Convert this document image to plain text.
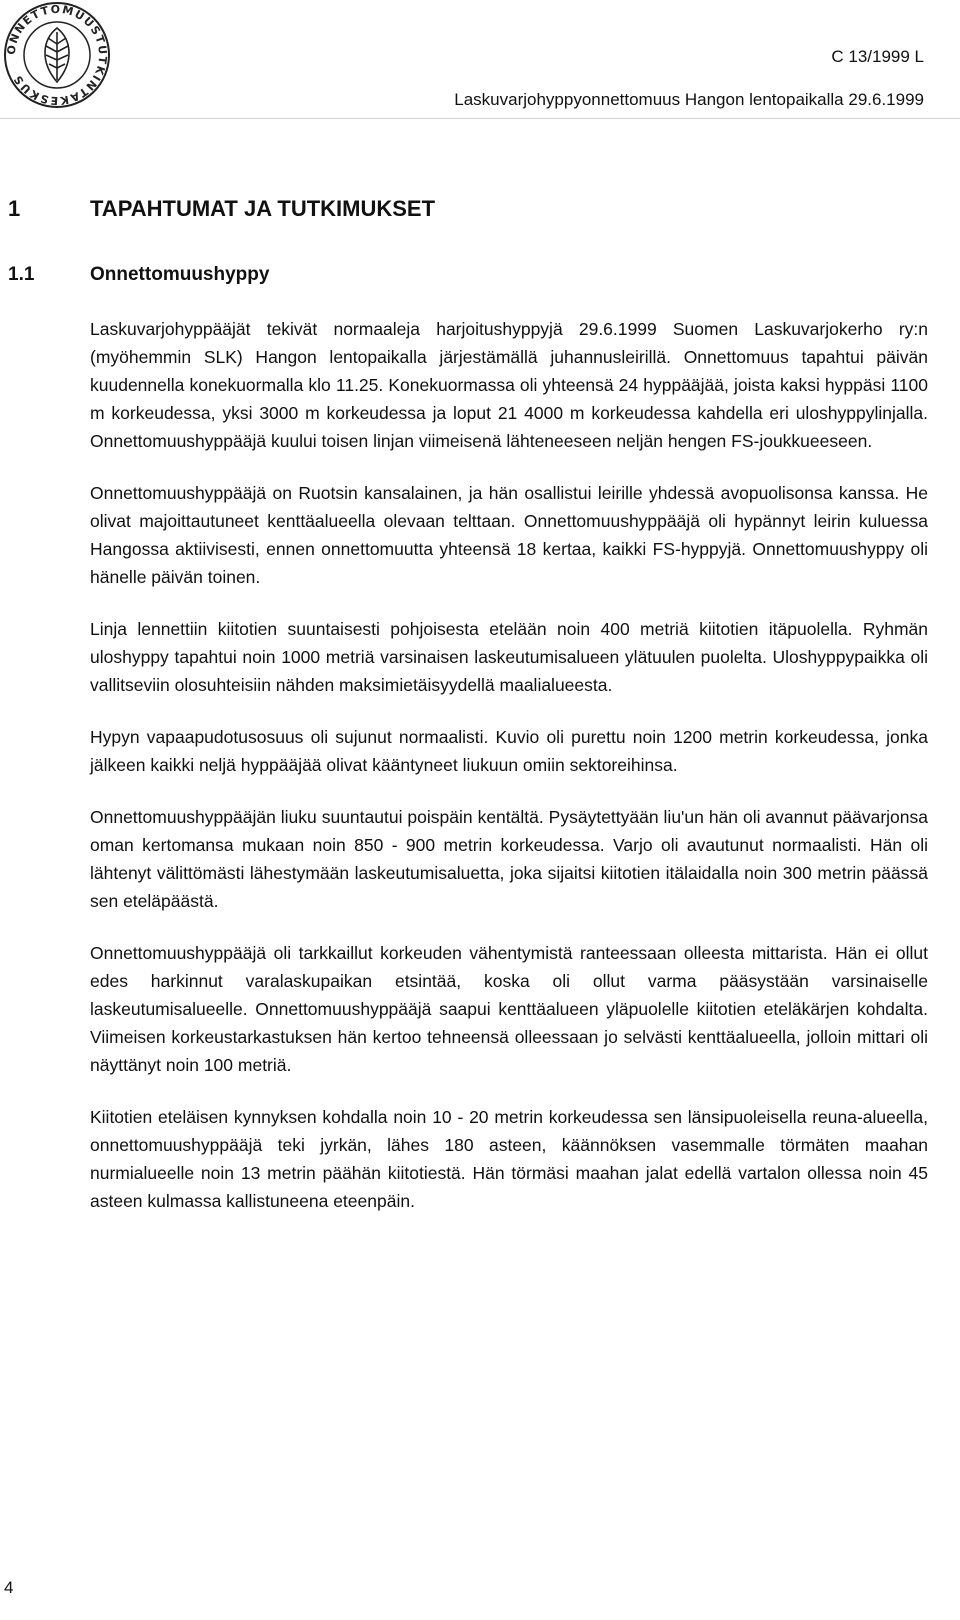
ONNETTOMUUSTUTKINTAKESKUS
C 13/1999 L
Laskuvarjohyppyonnettomuus Hangon lentopaikalla 29.6.1999
1	TAPAHTUMAT JA TUTKIMUKSET
1.1	Onnettomuushyppy

Laskuvarjohyppääjät tekivät normaaleja harjoitushyppyjä 29.6.1999 Suomen Laskuvarjokerho ry:n (myöhemmin SLK) Hangon lentopaikalla järjestämällä juhannusleirillä. Onnettomuus tapahtui päivän kuudennella konekuormalla klo 11.25. Konekuormassa oli yhteensä 24 hyppääjää, joista kaksi hyppäsi 1100 m korkeudessa, yksi 3000 m korkeudessa ja loput 21 4000 m korkeudessa kahdella eri uloshyppylinjalla. Onnettomuushyppääjä kuului toisen linjan viimeisenä lähteneeseen neljän hengen FS-joukkueeseen.

Onnettomuushyppääjä on Ruotsin kansalainen, ja hän osallistui leirille yhdessä avopuolisonsa kanssa. He olivat majoittautuneet kenttäalueella olevaan telttaan. Onnettomuushyppääjä oli hypännyt leirin kuluessa Hangossa aktiivisesti, ennen onnettomuutta yhteensä 18 kertaa, kaikki FS-hyppyjä. Onnettomuushyppy oli hänelle päivän toinen.

Linja lennettiin kiitotien suuntaisesti pohjoisesta etelään noin 400 metriä kiitotien itäpuolella. Ryhmän uloshyppy tapahtui noin 1000 metriä varsinaisen laskeutumisalueen ylätuulen puolelta. Uloshyppypaikka oli vallitseviin olosuhteisiin nähden maksimietäisyydellä maalialueesta.

Hypyn vapaapudotusosuus oli sujunut normaalisti. Kuvio oli purettu noin 1200 metrin korkeudessa, jonka jälkeen kaikki neljä hyppääjää olivat kääntyneet liukuun omiin sektoreihinsa.

Onnettomuushyppääjän liuku suuntautui poispäin kentältä. Pysäytettyään liu'un hän oli avannut päävarjonsa oman kertomansa mukaan noin 850 - 900 metrin korkeudessa. Varjo oli avautunut normaalisti. Hän oli lähtenyt välittömästi lähestymään laskeutumisaluetta, joka sijaitsi kiitotien itälaidalla noin 300 metrin päässä sen eteläpäästä.

Onnettomuushyppääjä oli tarkkaillut korkeuden vähentymistä ranteessaan olleesta mittarista. Hän ei ollut edes harkinnut varalaskupaikan etsintää, koska oli ollut varma pääsystään varsinaiselle laskeutumisalueelle. Onnettomuushyppääjä saapui kenttäalueen yläpuolelle kiitotien eteläkärjen kohdalta. Viimeisen korkeustarkastuksen hän kertoo tehneensä olleessaan jo selvästi kenttäalueella, jolloin mittari oli näyttänyt noin 100 metriä.

Kiitotien eteläisen kynnyksen kohdalla noin 10 - 20 metrin korkeudessa sen länsipuoleisella reuna-alueella, onnettomuushyppääjä teki jyrkän, lähes 180 asteen, käännöksen vasemmalle törmäten maahan nurmialueelle noin 13 metrin päähän kiitotiestä. Hän törmäsi maahan jalat edellä vartalon ollessa noin 45 asteen kulmassa kallistuneena eteenpäin.

4
